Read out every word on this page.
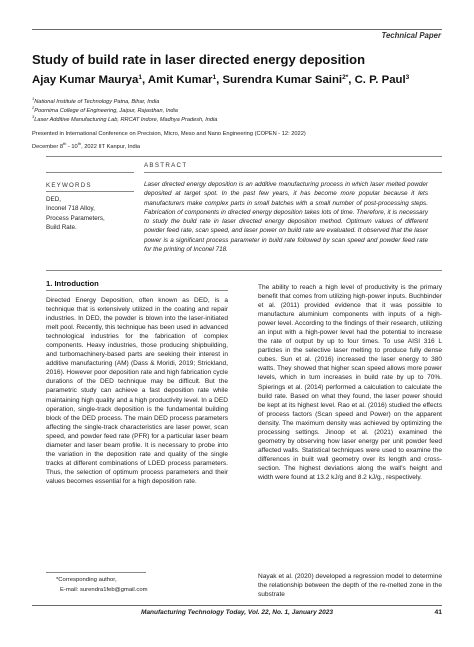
Technical Paper
Study of build rate in laser directed energy deposition
Ajay Kumar Maurya$^1$, Amit Kumar$^1$, Surendra Kumar Saini$^{2*}$, C. P. Paul$^3$
$^1$National Institute of Technology Patna, Bihar, India
$^2$Poornima College of Engineering, Jaipur, Rajasthan, India
$^3$Laser Additive Manufacturing Lab, RRCAT Indore, Madhya Pradesh, India
Presented in International Conference on Precision, Micro, Meso and Nano Engineering (COPEN - 12: 2022)
December 8th - 10th, 2022 IIT Kanpur, India
ABSTRACT
KEYWORDS
DED,
Inconel 718 Alloy,
Process Parameters,
Build Rate.
Laser directed energy deposition is an additive manufacturing process in which laser melted powder deposited at target spot. In the past few years, it has become more popular because it lets manufacturers make complex parts in small batches with a small number of post-processing steps. Fabrication of components in directed energy deposition takes lots of time. Therefore, it is necessary to study the build rate in laser directed energy deposition method. Optimum values of different powder feed rate, scan speed, and laser power on build rate are evaluated. It observed that the laser power is a significant process parameter in build rate followed by scan speed and powder feed rate for the printing of Inconel 718.
1. Introduction
Directed Energy Deposition, often known as DED, is a technique that is extensively utilized in the coating and repair industries. In DED, the powder is blown into the laser-initiated melt pool. Recently, this technique has been used in advanced technological industries for the fabrication of complex components. Heavy industries, those producing shipbuilding, and turbomachinery-based parts are seeking their interest in additive manufacturing (AM) (Dass & Moridi, 2019; Strickland, 2016). However poor deposition rate and high fabrication cycle durations of the DED technique may be difficult. But the parametric study can achieve a fast deposition rate while maintaining high quality and a high productivity level. In a DED operation, single-track deposition is the fundamental building block of the DED process. The main DED process parameters affecting the single-track characteristics are laser power, scan speed, and powder feed rate (PFR) for a particular laser beam diameter and laser beam profile. It is necessary to probe into the variation in the deposition rate and quality of the single tracks at different combinations of LDED process parameters. Thus, the selection of optimum process parameters and their values becomes essential for a high deposition rate.
The ability to reach a high level of productivity is the primary benefit that comes from utilizing high-power inputs. Buchbinder et al. (2011) provided evidence that it was possible to manufacture aluminium components with inputs of a high-power level. According to the findings of their research, utilizing an input with a high-power level had the potential to increase the rate of output by up to four times. To use AISI 316 L particles in the selective laser melting to produce fully dense cubes. Sun et al. (2016) increased the laser energy to 380 watts. They showed that higher scan speed allows more power levels, which in turn increases in build rate by up to 70%. Spierings et al. (2014) performed a calculation to calculate the build rate. Based on what they found, the laser power should be kept at its highest level. Rao et al. (2016) studied the effects of process factors (Scan speed and Power) on the apparent density. The maximum density was achieved by optimizing the processing settings. Jinoop et al. (2021) examined the geometry by observing how laser energy per unit powder feed affected walls. Statistical techniques were used to examine the differences in built wall geometry over its length and cross-section. The highest deviations along the wall's height and width were found at 13.2 kJ/g and 8.2 kJ/g., respectively.
Nayak et al. (2020) developed a regression model to determine the relationship between the depth of the re-melted zone in the substrate
*Corresponding author,
E-mail: surendra1feb@gmail.com
Manufacturing Technology Today, Vol. 22, No. 1, January 2023	41
